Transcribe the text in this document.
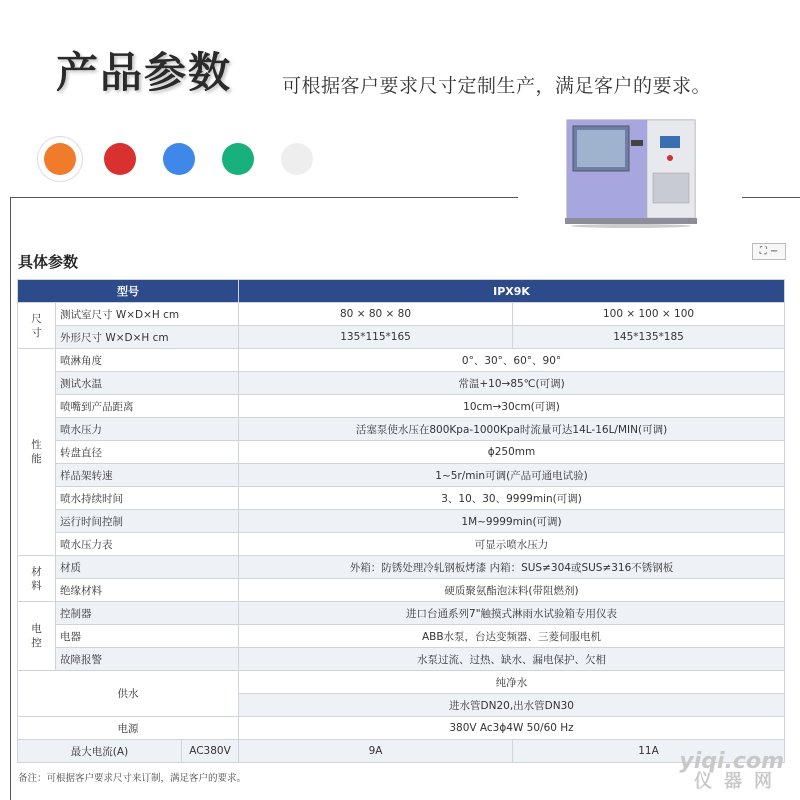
产品参数	可根据客户要求尺寸定制生产，满足客户的要求。
具体参数
⛶ −
型号			IPX9K	
尺寸	测试室尺寸 W×D×H cm		80 × 80 × 80	100 × 100 × 100
	外形尺寸 W×D×H cm		135*115*165	145*135*185
性能	喷淋角度		0°、30°、60°、90°	
	测试水温		常温+10→85℃(可调)	
	喷嘴到产品距离		10cm→30cm(可调)	
	喷水压力		活塞泵使水压在800Kpa-1000Kpa时流量可达14L-16L/MIN(可调)	
	转盘直径		ϕ250mm	
	样品架转速		1~5r/min可调(产品可通电试验)	
	喷水持续时间		3、10、30、9999min(可调)	
	运行时间控制		1M~9999min(可调)	
	喷水压力表		可显示喷水压力	
材料	材质		外箱：防锈处理冷轧钢板烤漆 内箱：SUS≠304或SUS≠316不锈钢板	
	绝缘材料		硬质聚氨酯泡沫料(带阻燃剂)	
电控	控制器		进口台通系列7"触摸式淋雨水试验箱专用仪表	
	电器		ABB水泵，台达变频器、三菱伺服电机	
	故障报警		水泵过流、过热、缺水、漏电保护、欠相	
供水			纯净水	
			进水管DN20,出水管DN30	
电源			380V Ac3ϕ4W 50/60 Hz	
最大电流(A)		AC380V	9A	11A
备注：可根据客户要求尺寸来订制，满足客户的要求。
yiqi.com
仪器网
